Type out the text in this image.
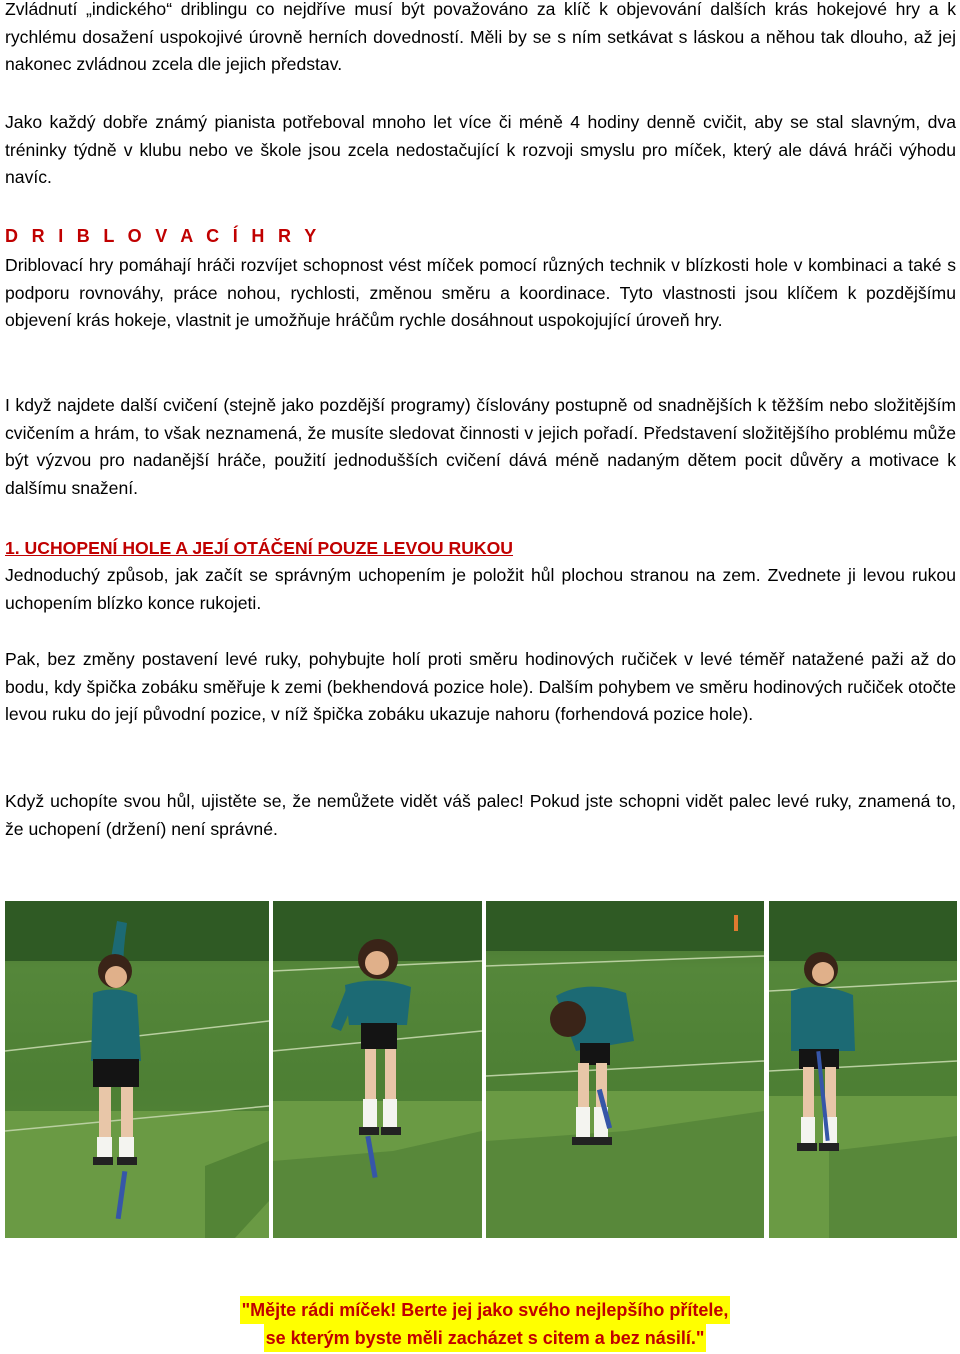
Zvládnutí „indického“ driblingu co nejdříve musí být považováno za klíč k objevování dalších krás hokejové hry a k rychlému dosažení uspokojivé úrovně herních dovedností. Měli by se s ním setkávat s láskou a něhou tak dlouho, až jej nakonec zvládnou zcela dle jejich představ.

Jako každý dobře známý pianista potřeboval mnoho let více či méně 4 hodiny denně cvičit, aby se stal slavným, dva tréninky týdně v klubu nebo ve škole jsou zcela nedostačující k rozvoji smyslu pro míček, který ale dává hráči výhodu navíc.

D R I B L O V A C Í H R Y

Driblovací hry pomáhají hráči rozvíjet schopnost vést míček pomocí různých technik v blízkosti hole v kombinaci a také s podporu rovnováhy, práce nohou, rychlosti, změnou směru a koordinace. Tyto vlastnosti jsou klíčem k pozdějšímu objevení krás hokeje, vlastnit je umožňuje hráčům rychle dosáhnout uspokojující úroveň hry.

I když najdete další cvičení (stejně jako pozdější programy) číslovány postupně od snadnějších k těžším nebo složitějším cvičením a hrám, to však neznamená, že musíte sledovat činnosti v jejich pořadí. Představení složitějšího problému může být výzvou pro nadanější hráče, použití jednodušších cvičení dává méně nadaným dětem pocit důvěry a motivace k dalšímu snažení.

1. UCHOPENÍ HOLE A JEJÍ OTÁČENÍ POUZE LEVOU RUKOU

Jednoduchý způsob, jak začít se správným uchopením je položit hůl plochou stranou na zem. Zvednete ji levou rukou uchopením blízko konce rukojeti.

Pak, bez změny postavení levé ruky, pohybujte holí proti směru hodinových ručiček v levé téměř natažené paži až do bodu, kdy špička zobáku směřuje k zemi (bekhendová pozice hole). Dalším pohybem ve směru hodinových ručiček otočte levou ruku do její původní pozice, v níž špička zobáku ukazuje nahoru (forhendová pozice hole).

Když uchopíte svou hůl, ujistěte se, že nemůžete vidět váš palec! Pokud jste schopni vidět palec levé ruky, znamená to, že uchopení (držení) není správné.

"Mějte rádi míček! Berte jej jako svého nejlepšího přítele,
se kterým byste měli zacházet s citem a bez násilí."
